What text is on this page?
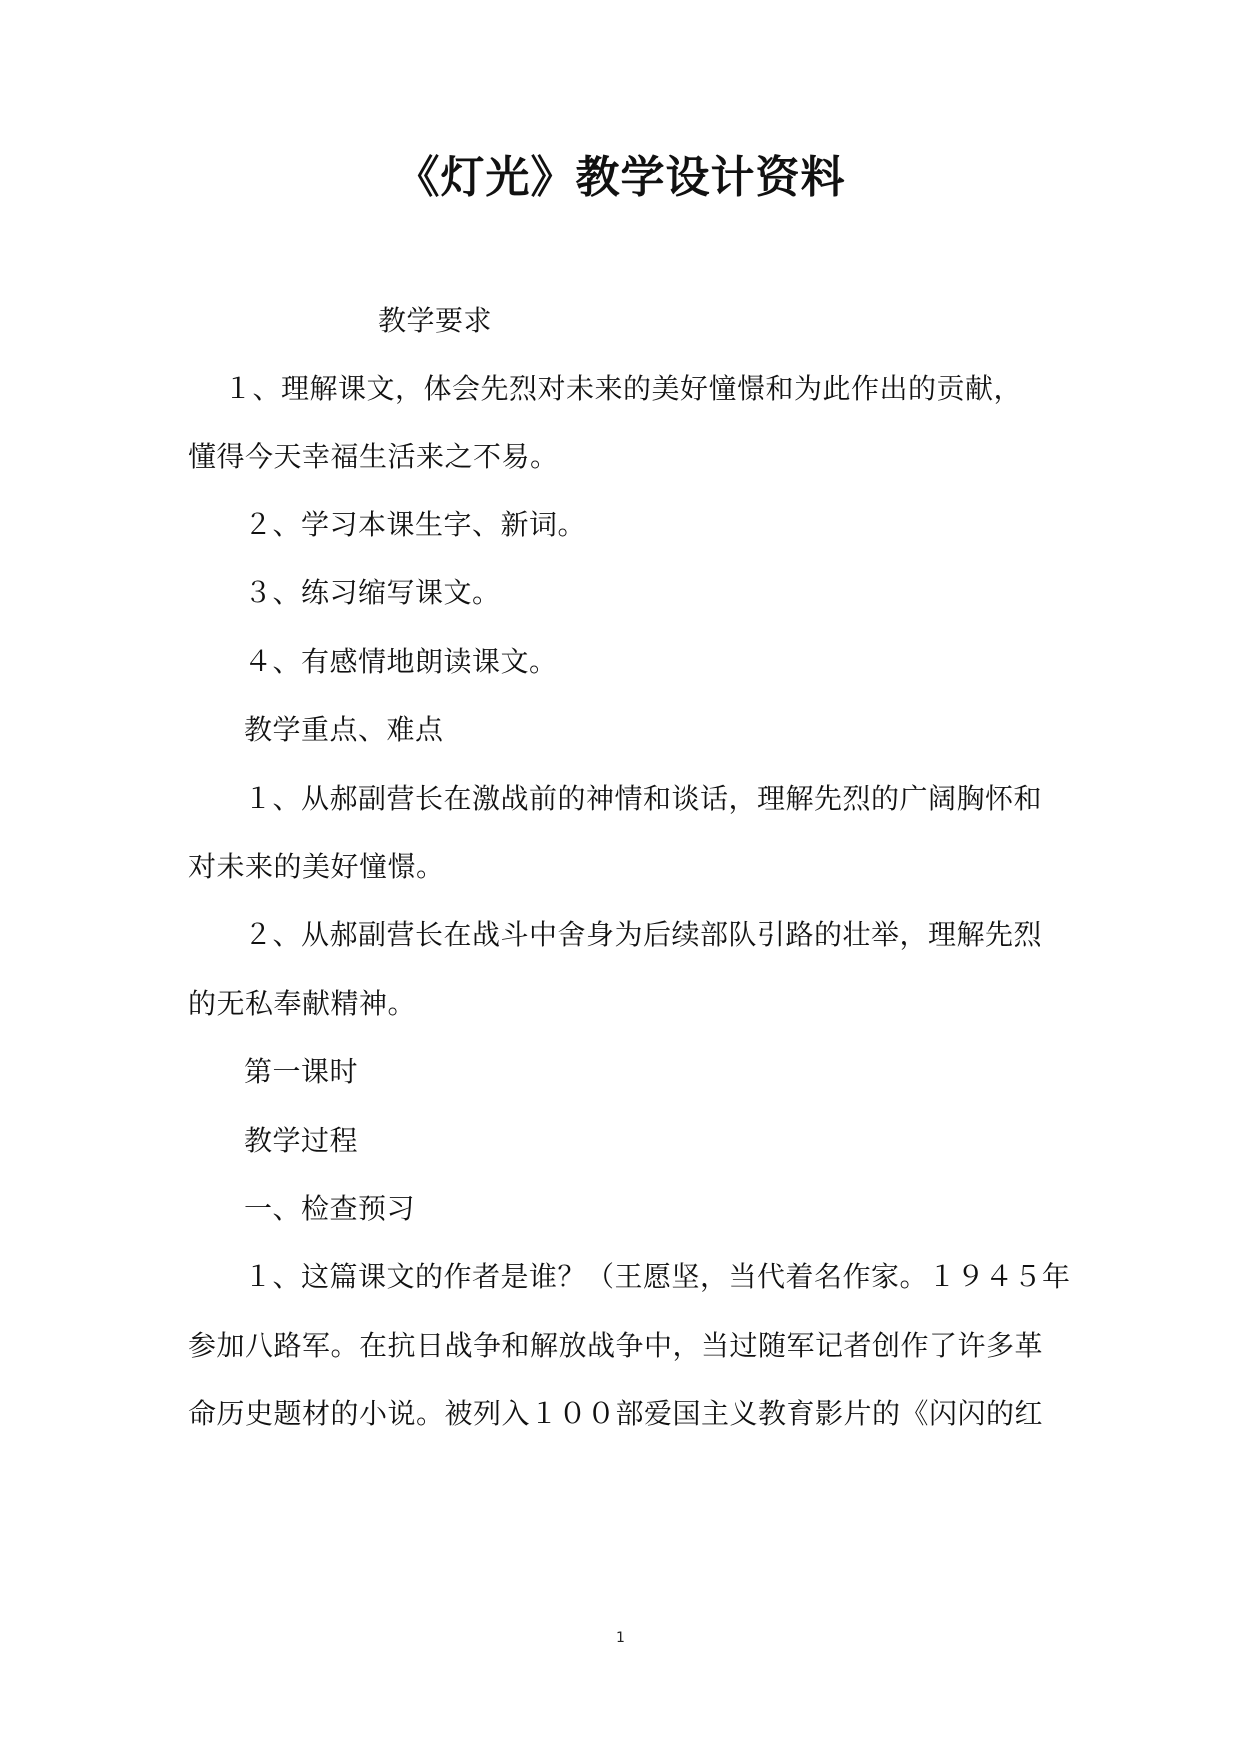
《灯光》教学设计资料
教学要求
１、理解课文，体会先烈对未来的美好憧憬和为此作出的贡献，
懂得今天幸福生活来之不易。
２、学习本课生字、新词。
３、练习缩写课文。
４、有感情地朗读课文。
教学重点、难点
１、从郝副营长在激战前的神情和谈话，理解先烈的广阔胸怀和
对未来的美好憧憬。
２、从郝副营长在战斗中舍身为后续部队引路的壮举，理解先烈
的无私奉献精神。
第一课时
教学过程
一、检查预习
１、这篇课文的作者是谁？（王愿坚，当代着名作家。１９４５年
参加八路军。在抗日战争和解放战争中，当过随军记者创作了许多革
命历史题材的小说。被列入１００部爱国主义教育影片的《闪闪的红
1
